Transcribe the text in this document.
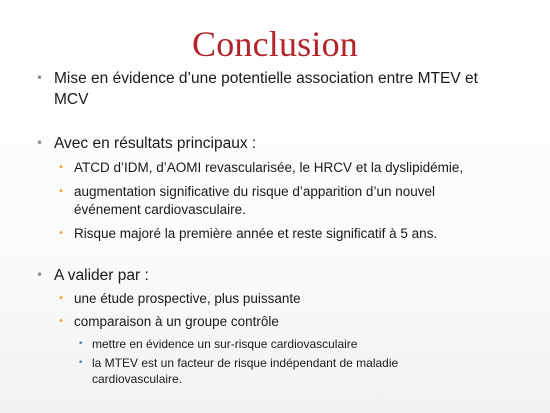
Conclusion
• Mise en évidence d’une potentielle association entre MTEV et
MCV
• Avec en résultats principaux :
• ATCD d’IDM, d’AOMI revascularisée, le HRCV et la dyslipidémie,
• augmentation significative du risque d’apparition d’un nouvel
événement cardiovasculaire.
• Risque majoré la première année et reste significatif à 5 ans.
• A valider par :
• une étude prospective, plus puissante
• comparaison à un groupe contrôle
• mettre en évidence un sur-risque cardiovasculaire
• la MTEV est un facteur de risque indépendant de maladie
cardiovasculaire.
